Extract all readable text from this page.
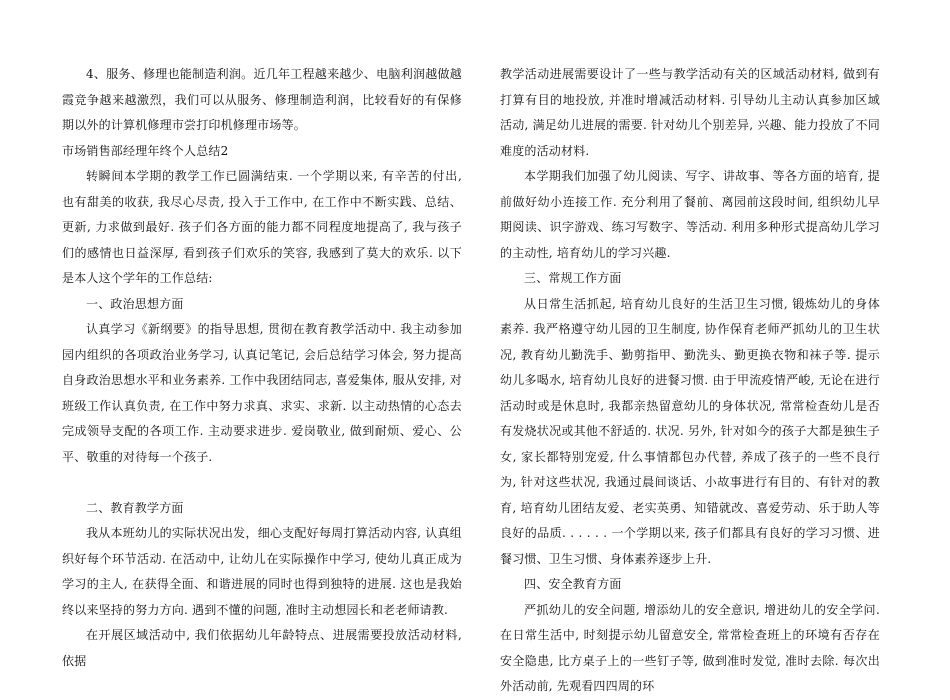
4、服务、修理也能制造利润。近几年工程越来越少、电脑利润越做越霞竞争越来越激烈，我们可以从服务、修理制造利润，比较看好的有保修期以外的计算机修理市尝打印机修理市场等。

市场销售部经理年终个人总结2

转瞬间本学期的教学工作已圆满结束. 一个学期以来, 有辛苦的付出, 也有甜美的收获, 我尽心尽责, 投入于工作中, 在工作中不断实践、总结、更新, 力求做到最好. 孩子们各方面的能力都不同程度地提高了, 我与孩子们的感情也日益深厚, 看到孩子们欢乐的笑容, 我感到了莫大的欢乐. 以下是本人这个学年的工作总结:

一、政治思想方面

认真学习《新纲要》的指导思想, 贯彻在教育教学活动中. 我主动参加园内组织的各项政治业务学习, 认真记笔记, 会后总结学习体会, 努力提高自身政治思想水平和业务素养. 工作中我团结同志, 喜爱集体, 服从安排, 对班级工作认真负责, 在工作中努力求真、求实、求新. 以主动热情的心态去完成领导支配的各项工作. 主动要求进步. 爱岗敬业, 做到耐烦、爱心、公平、敬重的对待每一个孩子.

二、教育教学方面

我从本班幼儿的实际状况出发，细心支配好每周打算活动内容, 认真组织好每个环节活动. 在活动中, 让幼儿在实际操作中学习, 使幼儿真正成为学习的主人, 在获得全面、和谐进展的同时也得到独特的进展. 这也是我始终以来坚持的努力方向. 遇到不懂的问题, 准时主动想园长和老老师请教.

在开展区域活动中, 我们依据幼儿年龄特点、进展需要投放活动材料, 依据

教学活动进展需要设计了一些与教学活动有关的区域活动材料, 做到有打算有目的地投放, 并准时增减活动材料. 引导幼儿主动认真参加区域活动, 满足幼儿进展的需要. 针对幼儿个别差异, 兴趣、能力投放了不同难度的活动材料.

本学期我们加强了幼儿阅读、写字、讲故事、等各方面的培育, 提前做好幼小连接工作. 充分利用了餐前、离园前这段时间, 组织幼儿早期阅读、识字游戏、练习写数字、等活动. 利用多种形式提高幼儿学习的主动性, 培育幼儿的学习兴趣.

三、常规工作方面

从日常生活抓起, 培育幼儿良好的生活卫生习惯, 锻炼幼儿的身体素养. 我严格遵守幼儿园的卫生制度, 协作保育老师严抓幼儿的卫生状况, 教育幼儿勤洗手、勤剪指甲、勤洗头、勤更换衣物和袜子等. 提示幼儿多喝水, 培育幼儿良好的进餐习惯. 由于甲流疫情严峻, 无论在进行活动时或是休息时, 我都亲热留意幼儿的身体状况, 常常检查幼儿是否有发烧状况或其他不舒适的. 状况. 另外, 针对如今的孩子大都是独生子女, 家长都特别宠爱, 什么事情都包办代替, 养成了孩子的一些不良行为, 针对这些状况, 我通过晨间谈话、小故事进行有目的、有针对的教育, 培育幼儿团结友爱、老实英勇、知错就改、喜爱劳动、乐于助人等良好的品质. . . . . . 一个学期以来, 孩子们都具有良好的学习习惯、进餐习惯、卫生习惯、身体素养逐步上升.

四、安全教育方面

严抓幼儿的安全问题, 增添幼儿的安全意识, 增进幼儿的安全学问. 在日常生活中, 时刻提示幼儿留意安全, 常常检查班上的环境有否存在安全隐患, 比方桌子上的一些钉子等, 做到准时发觉, 准时去除. 每次出外活动前, 先观看四四周的环
